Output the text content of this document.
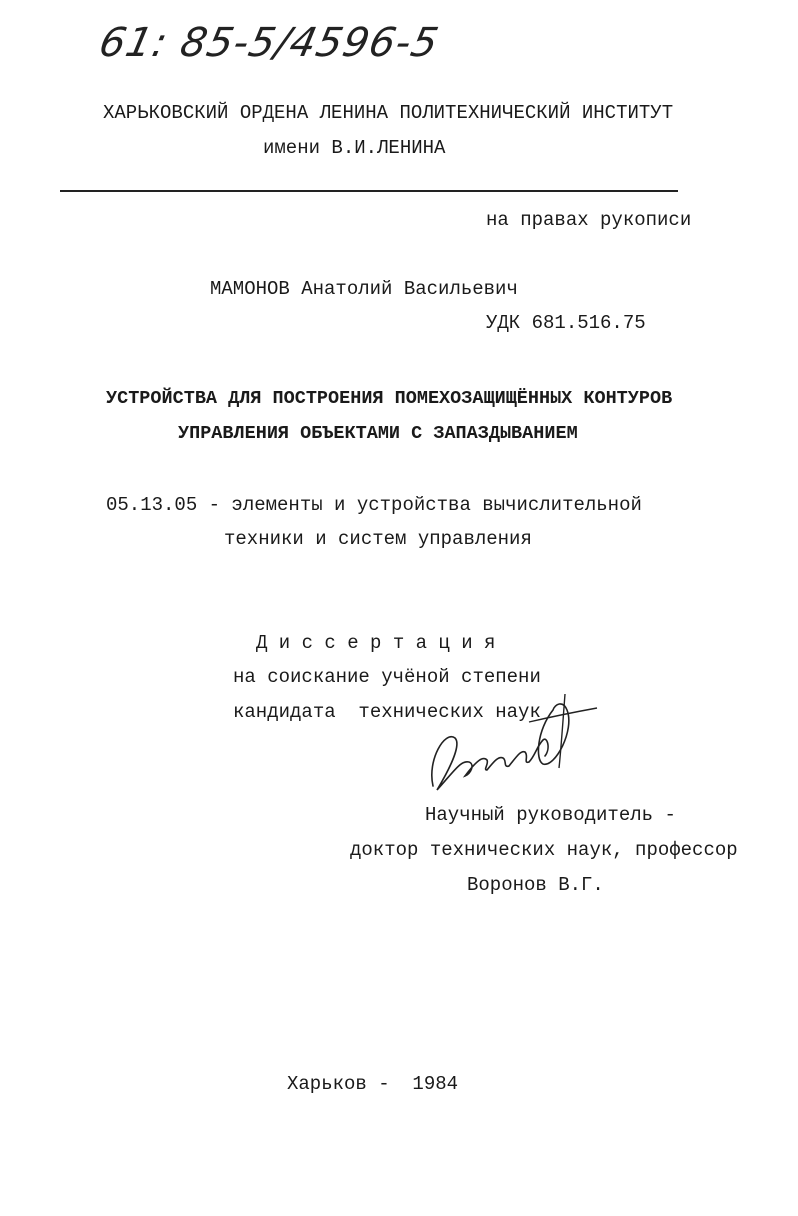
61: 85-5/4596-5
ХАРЬКОВСКИЙ ОРДЕНА ЛЕНИНА ПОЛИТЕХНИЧЕСКИЙ ИНСТИТУТ
имени В.И.ЛЕНИНА
на правах рукописи
МАМОНОВ Анатолий Васильевич
УДК 681.516.75
УСТРОЙСТВА ДЛЯ ПОСТРОЕНИЯ ПОМЕХОЗАЩИЩЁННЫХ КОНТУРОВ
УПРАВЛЕНИЯ ОБЪЕКТАМИ С ЗАПАЗДЫВАНИЕМ
05.13.05 - элементы и устройства вычислительной
техники и систем управления
Д и с с е р т а ц и я
на соискание учёной степени
кандидата  технических наук
Научный руководитель -
доктор технических наук, профессор
Воронов В.Г.
Харьков -  1984
